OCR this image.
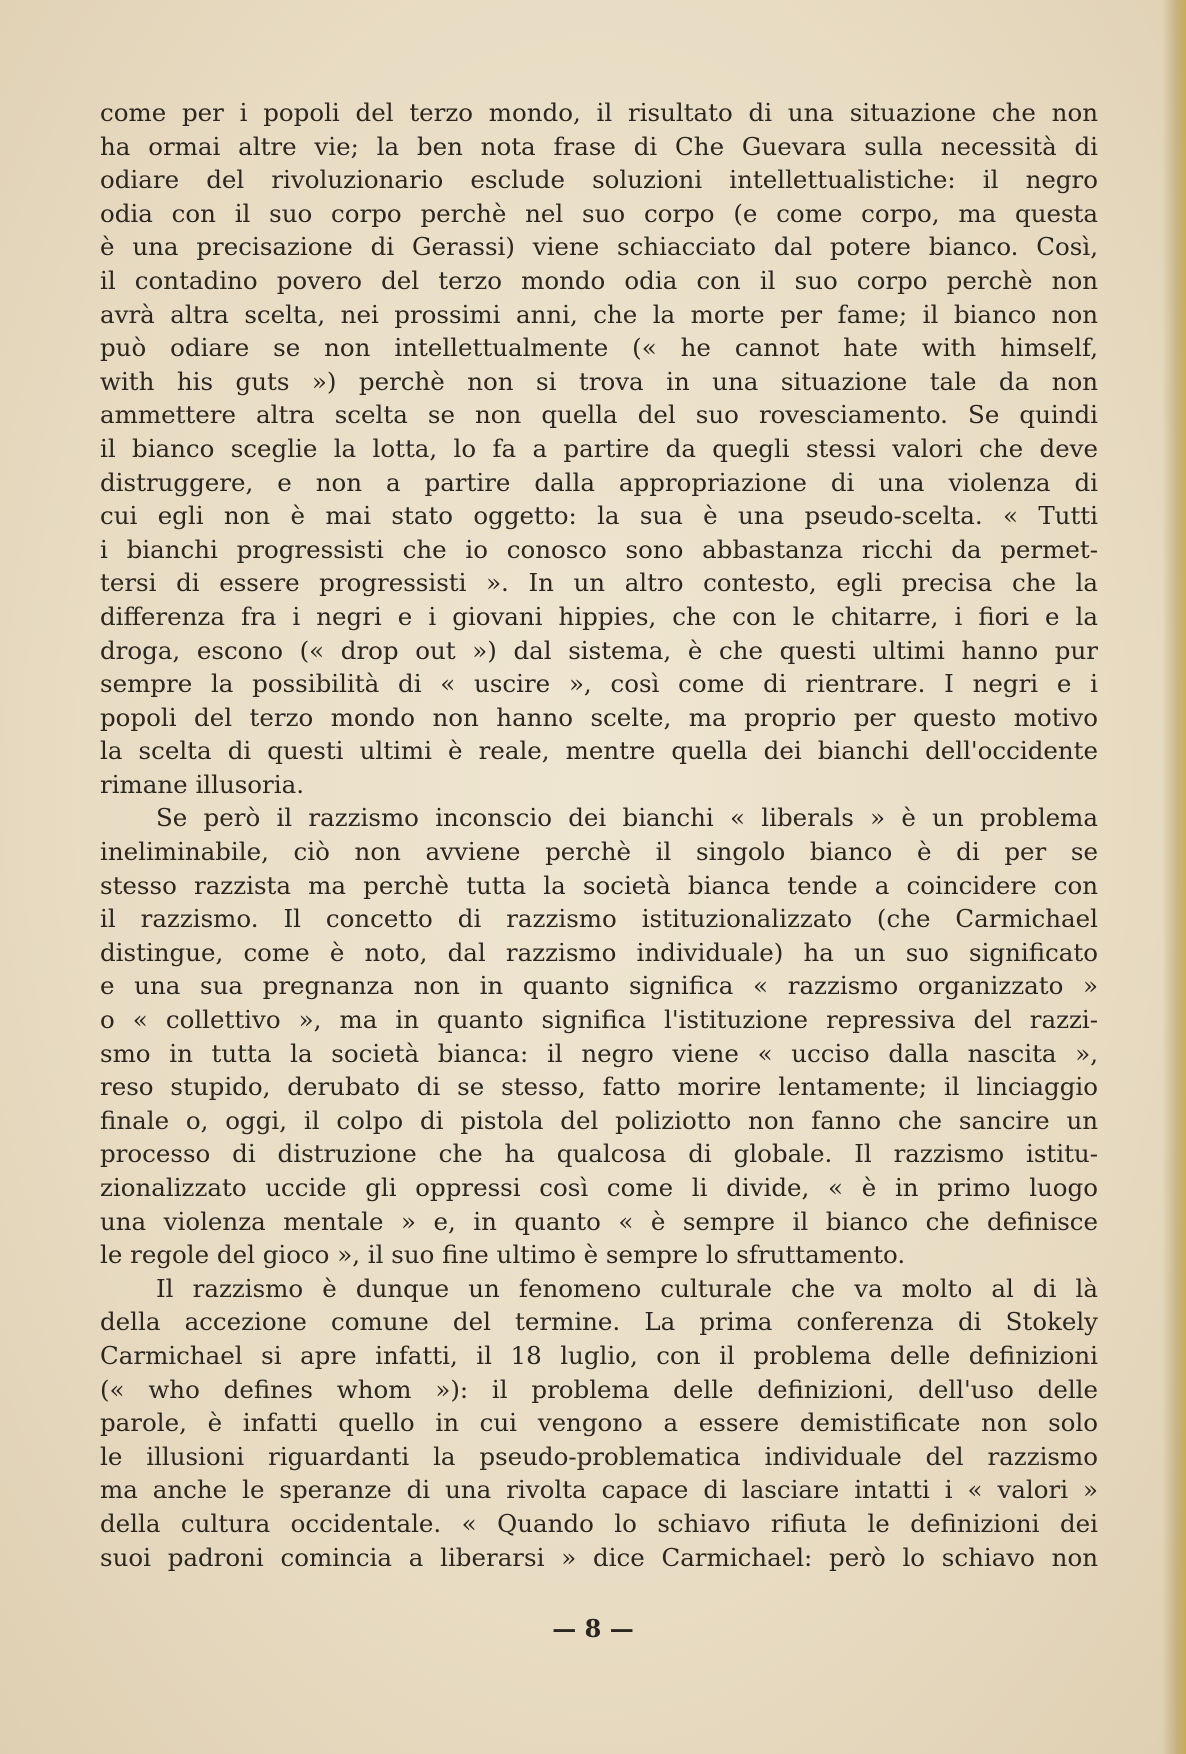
come per i popoli del terzo mondo, il risultato di una situazione che non
ha ormai altre vie; la ben nota frase di Che Guevara sulla necessità di
odiare del rivoluzionario esclude soluzioni intellettualistiche: il negro
odia con il suo corpo perchè nel suo corpo (e come corpo, ma questa
è una precisazione di Gerassi) viene schiacciato dal potere bianco. Così,
il contadino povero del terzo mondo odia con il suo corpo perchè non
avrà altra scelta, nei prossimi anni, che la morte per fame; il bianco non
può odiare se non intellettualmente (« he cannot hate with himself,
with his guts ») perchè non si trova in una situazione tale da non
ammettere altra scelta se non quella del suo rovesciamento. Se quindi
il bianco sceglie la lotta, lo fa a partire da quegli stessi valori che deve
distruggere, e non a partire dalla appropriazione di una violenza di
cui egli non è mai stato oggetto: la sua è una pseudo-scelta. « Tutti
i bianchi progressisti che io conosco sono abbastanza ricchi da permet-
tersi di essere progressisti ». In un altro contesto, egli precisa che la
differenza fra i negri e i giovani hippies, che con le chitarre, i fiori e la
droga, escono (« drop out ») dal sistema, è che questi ultimi hanno pur
sempre la possibilità di « uscire », così come di rientrare. I negri e i
popoli del terzo mondo non hanno scelte, ma proprio per questo motivo
la scelta di questi ultimi è reale, mentre quella dei bianchi dell'occidente
rimane illusoria.
Se però il razzismo inconscio dei bianchi « liberals » è un problema
ineliminabile, ciò non avviene perchè il singolo bianco è di per se
stesso razzista ma perchè tutta la società bianca tende a coincidere con
il razzismo. Il concetto di razzismo istituzionalizzato (che Carmichael
distingue, come è noto, dal razzismo individuale) ha un suo significato
e una sua pregnanza non in quanto significa « razzismo organizzato »
o « collettivo », ma in quanto significa l'istituzione repressiva del razzi-
smo in tutta la società bianca: il negro viene « ucciso dalla nascita »,
reso stupido, derubato di se stesso, fatto morire lentamente; il linciaggio
finale o, oggi, il colpo di pistola del poliziotto non fanno che sancire un
processo di distruzione che ha qualcosa di globale. Il razzismo istitu-
zionalizzato uccide gli oppressi così come li divide, « è in primo luogo
una violenza mentale » e, in quanto « è sempre il bianco che definisce
le regole del gioco », il suo fine ultimo è sempre lo sfruttamento.
Il razzismo è dunque un fenomeno culturale che va molto al di là
della accezione comune del termine. La prima conferenza di Stokely
Carmichael si apre infatti, il 18 luglio, con il problema delle definizioni
(« who defines whom »): il problema delle definizioni, dell'uso delle
parole, è infatti quello in cui vengono a essere demistificate non solo
le illusioni riguardanti la pseudo-problematica individuale del razzismo
ma anche le speranze di una rivolta capace di lasciare intatti i « valori »
della cultura occidentale. « Quando lo schiavo rifiuta le definizioni dei
suoi padroni comincia a liberarsi » dice Carmichael: però lo schiavo non
— 8 —
